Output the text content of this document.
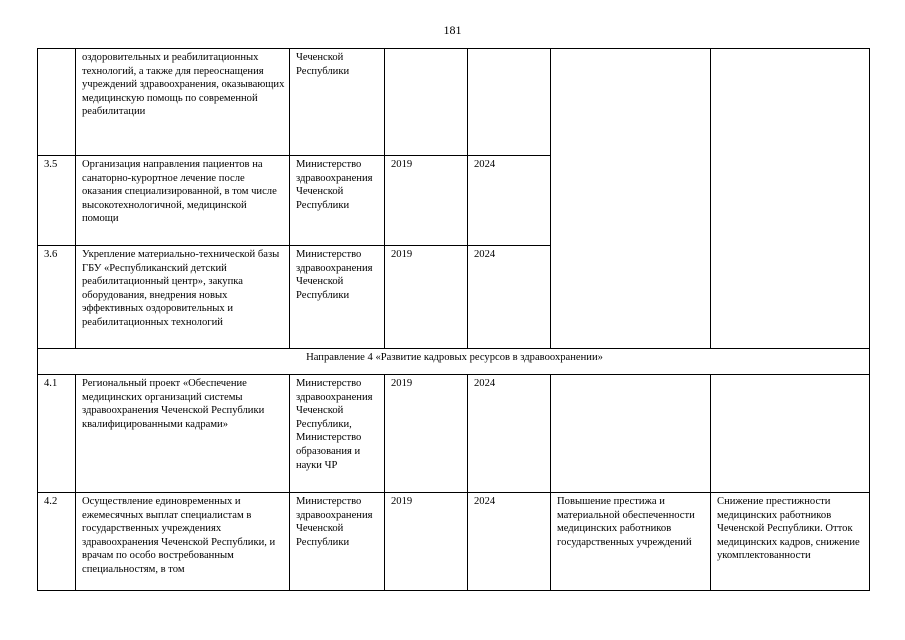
181
	оздоровительных и реабилитационных технологий, а также для переоснащения учреждений здравоохранения, оказывающих медицинскую помощь по современной реабилитации	Чеченской Республики				
3.5	Организация направления пациентов на санаторно-курортное лечение после оказания специализированной, в том числе высокотехнологичной, медицинской помощи	Министерство здравоохранения Чеченской Республики	2019	2024		
3.6	Укрепление материально-технической базы ГБУ «Республиканский детский реабилитационный центр», закупка оборудования, внедрения новых эффективных оздоровительных и реабилитационных технологий	Министерство здравоохранения Чеченской Республики	2019	2024		
Направление 4 «Развитие кадровых ресурсов в здравоохранении»						
4.1	Региональный проект «Обеспечение медицинских организаций системы здравоохранения Чеченской Республики квалифицированными кадрами»	Министерство здравоохранения Чеченской Республики, Министерство образования и науки ЧР	2019	2024		
4.2	Осуществление единовременных и ежемесячных выплат специалистам в государственных учреждениях здравоохранения Чеченской Республики, и врачам по особо востребованным специальностям, в том	Министерство здравоохранения Чеченской Республики	2019	2024	Повышение престижа и материальной обеспеченности медицинских работников государственных учреждений	Снижение престижности медицинских работников Чеченской Республики. Отток медицинских кадров, снижение укомплектованности
